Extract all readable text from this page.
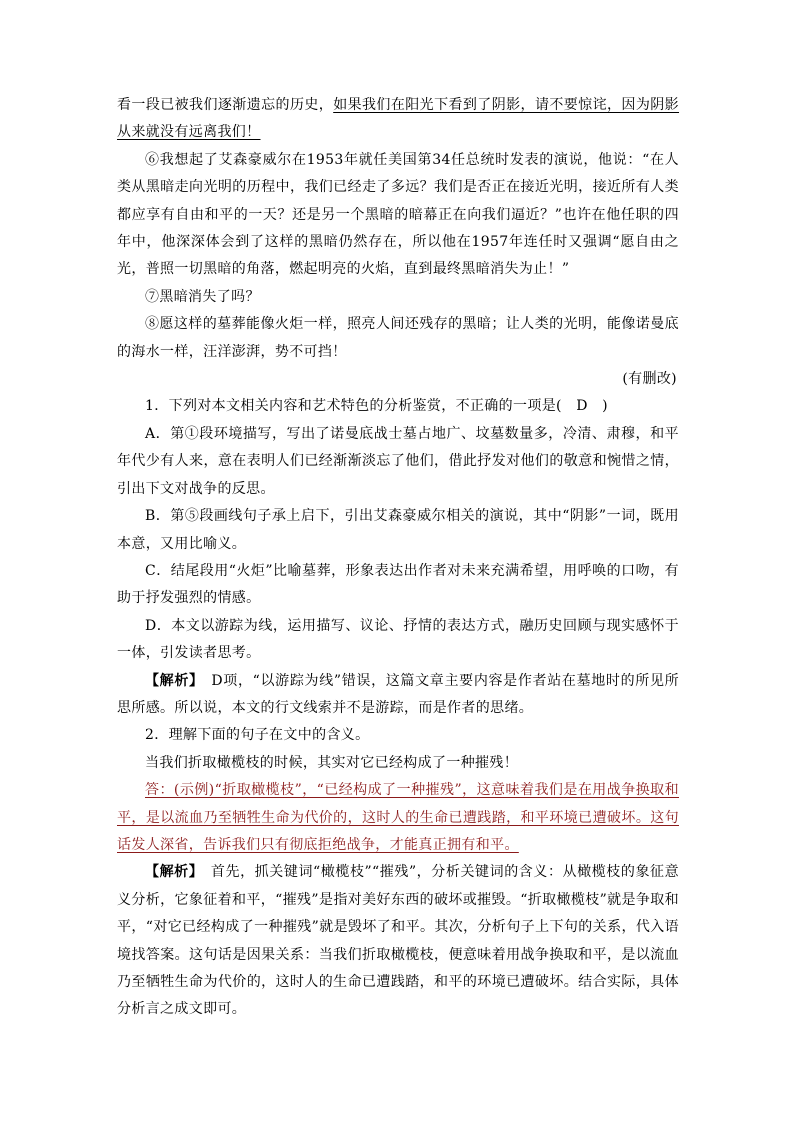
看一段已被我们逐渐遗忘的历史，如果我们在阳光下看到了阴影，请不要惊诧，因为阴影从来就没有远离我们！

⑥我想起了艾森豪威尔在1953年就任美国第34任总统时发表的演说，他说：“在人类从黑暗走向光明的历程中，我们已经走了多远？我们是否正在接近光明，接近所有人类都应享有自由和平的一天？还是另一个黑暗的暗幕正在向我们逼近？”也许在他任职的四年中，他深深体会到了这样的黑暗仍然存在，所以他在1957年连任时又强调“愿自由之光，普照一切黑暗的角落，燃起明亮的火焰，直到最终黑暗消失为止！”

⑦黑暗消失了吗？

⑧愿这样的墓葬能像火炬一样，照亮人间还残存的黑暗；让人类的光明，能像诺曼底的海水一样，汪洋澎湃，势不可挡！

(有删改)

1．下列对本文相关内容和艺术特色的分析鉴赏，不正确的一项是(　D　)

A．第①段环境描写，写出了诺曼底战士墓占地广、坟墓数量多，冷清、肃穆，和平年代少有人来，意在表明人们已经渐渐淡忘了他们，借此抒发对他们的敬意和惋惜之情，引出下文对战争的反思。

B．第⑤段画线句子承上启下，引出艾森豪威尔相关的演说，其中“阴影”一词，既用本意，又用比喻义。

C．结尾段用“火炬”比喻墓葬，形象表达出作者对未来充满希望，用呼唤的口吻，有助于抒发强烈的情感。

D．本文以游踪为线，运用描写、议论、抒情的表达方式，融历史回顾与现实感怀于一体，引发读者思考。

【解析】　D项，“以游踪为线”错误，这篇文章主要内容是作者站在墓地时的所见所思所感。所以说，本文的行文线索并不是游踪，而是作者的思绪。

2．理解下面的句子在文中的含义。

当我们折取橄榄枝的时候，其实对它已经构成了一种摧残！

答：(示例)“折取橄榄枝”，“已经构成了一种摧残”，这意味着我们是在用战争换取和平，是以流血乃至牺牲生命为代价的，这时人的生命已遭践踏，和平环境已遭破坏。这句话发人深省，告诉我们只有彻底拒绝战争，才能真正拥有和平。

【解析】　首先，抓关键词“橄榄枝”“摧残”，分析关键词的含义：从橄榄枝的象征意义分析，它象征着和平，“摧残”是指对美好东西的破坏或摧毁。“折取橄榄枝”就是争取和平，“对它已经构成了一种摧残”就是毁坏了和平。其次，分析句子上下句的关系，代入语境找答案。这句话是因果关系：当我们折取橄榄枝，便意味着用战争换取和平，是以流血乃至牺牲生命为代价的，这时人的生命已遭践踏，和平的环境已遭破坏。结合实际，具体分析言之成文即可。
